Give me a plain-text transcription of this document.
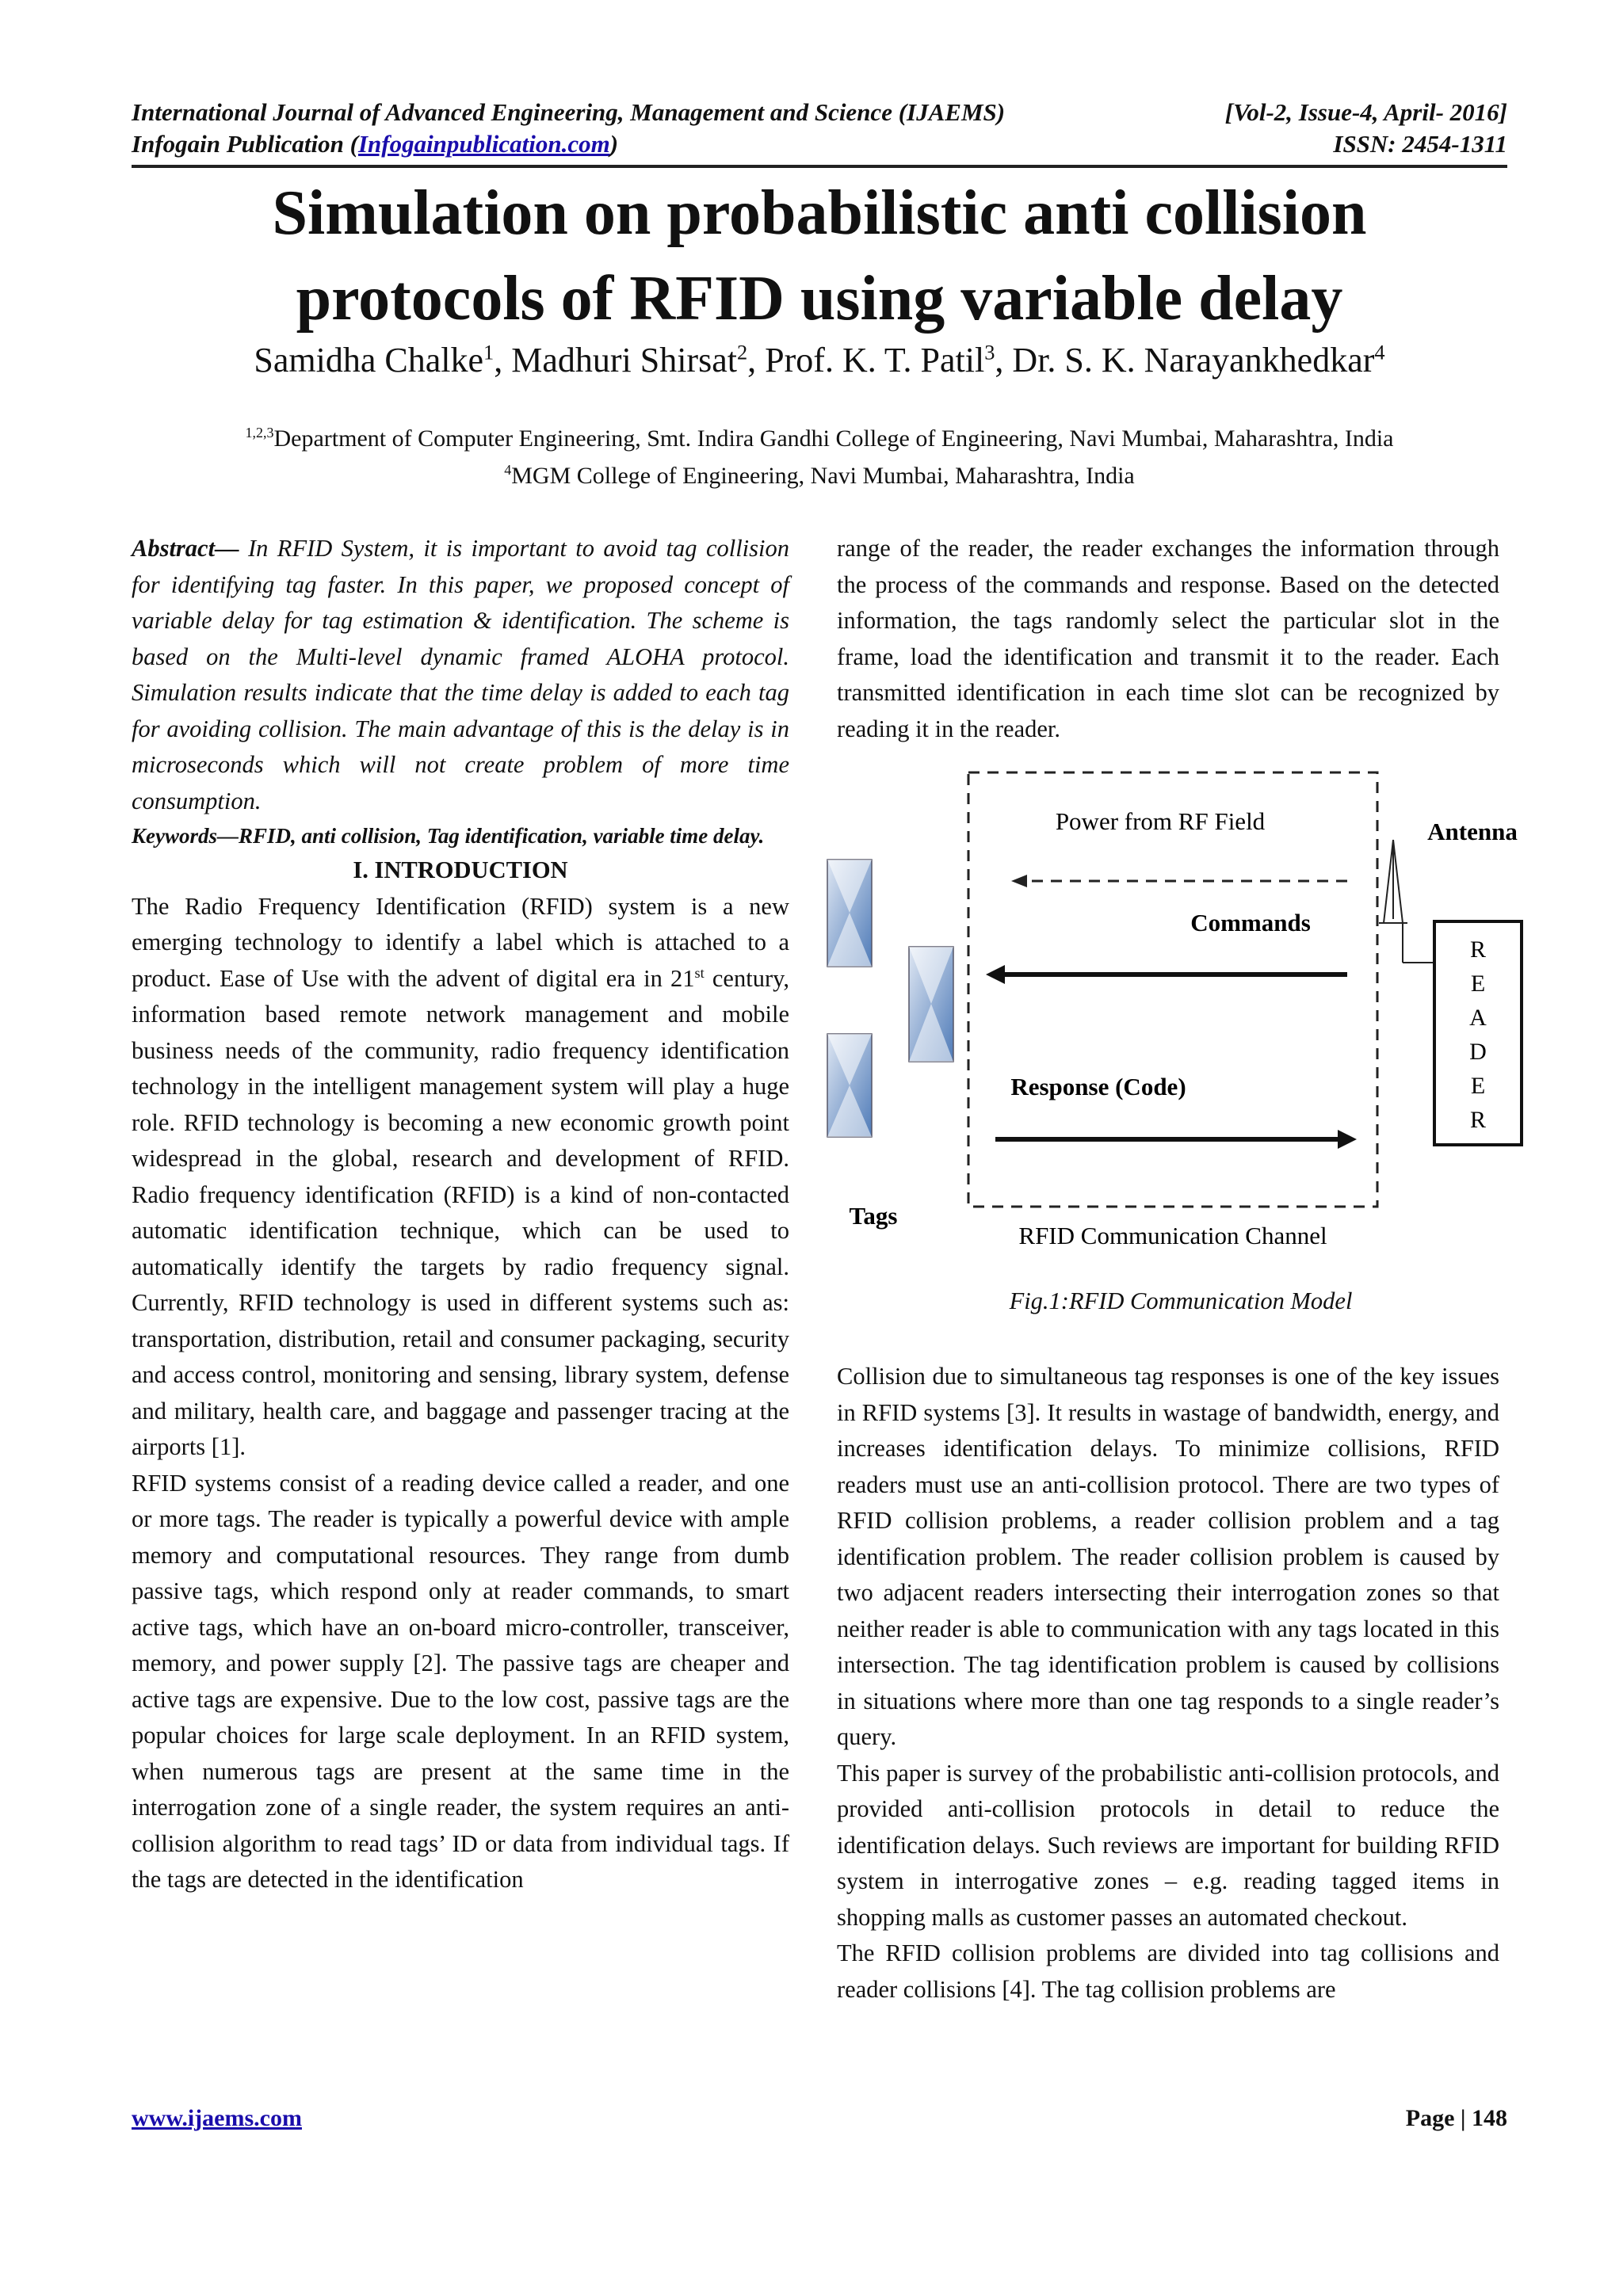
International Journal of Advanced Engineering, Management and Science (IJAEMS)	[Vol-2, Issue-4, April- 2016]
Infogain Publication (Infogainpublication.com)	ISSN: 2454-1311
Simulation on probabilistic anti collision
protocols of RFID using variable delay
Samidha Chalke$^1$, Madhuri Shirsat$^2$, Prof. K. T. Patil$^3$, Dr. S. K. Narayankhedkar$^4$
$^{1,2,3}$Department of Computer Engineering, Smt. Indira Gandhi College of Engineering, Navi Mumbai, Maharashtra, India
$^4$MGM College of Engineering, Navi Mumbai, Maharashtra, India

Abstract— In RFID System, it is important to avoid tag collision for identifying tag faster. In this paper, we proposed concept of variable delay for tag estimation & identification. The scheme is based on the Multi-level dynamic framed ALOHA protocol. Simulation results indicate that the time delay is added to each tag for avoiding collision. The main advantage of this is the delay is in microseconds which will not create problem of more time consumption.

Keywords—RFID, anti collision, Tag identification, variable time delay.

I. INTRODUCTION

The Radio Frequency Identification (RFID) system is a new emerging technology to identify a label which is attached to a product. Ease of Use with the advent of digital era in 21st century, information based remote network management and mobile business needs of the community, radio frequency identification technology in the intelligent management system will play a huge role. RFID technology is becoming a new economic growth point widespread in the global, research and development of RFID. Radio frequency identification (RFID) is a kind of non-contacted automatic identification technique, which can be used to automatically identify the targets by radio frequency signal. Currently, RFID technology is used in different systems such as: transportation, distribution, retail and consumer packaging, security and access control, monitoring and sensing, library system, defense and military, health care, and baggage and passenger tracing at the airports [1].

RFID systems consist of a reading device called a reader, and one or more tags. The reader is typically a powerful device with ample memory and computational resources. They range from dumb passive tags, which respond only at reader commands, to smart active tags, which have an on-board micro-controller, transceiver, memory, and power supply [2]. The passive tags are cheaper and active tags are expensive. Due to the low cost, passive tags are the popular choices for large scale deployment. In an RFID system, when numerous tags are present at the same time in the interrogation zone of a single reader, the system requires an anti-collision algorithm to read tags’ ID or data from individual tags. If the tags are detected in the identification

range of the reader, the reader exchanges the information through the process of the commands and response. Based on the detected information, the tags randomly select the particular slot in the frame, load the identification and transmit it to the reader. Each transmitted identification in each time slot can be recognized by reading it in the reader.

Power from RF Field
Commands
Response (Code)
Antenna
R
E
A
D
E
R
Tags
RFID Communication Channel
Fig.1:RFID Communication Model

Collision due to simultaneous tag responses is one of the key issues in RFID systems [3]. It results in wastage of bandwidth, energy, and increases identification delays. To minimize collisions, RFID readers must use an anti-collision protocol. There are two types of RFID collision problems, a reader collision problem and a tag identification problem. The reader collision problem is caused by two adjacent readers intersecting their interrogation zones so that neither reader is able to communication with any tags located in this intersection. The tag identification problem is caused by collisions in situations where more than one tag responds to a single reader’s query.

This paper is survey of the probabilistic anti-collision protocols, and provided anti-collision protocols in detail to reduce the identification delays. Such reviews are important for building RFID system in interrogative zones – e.g. reading tagged items in shopping malls as customer passes an automated checkout.

The RFID collision problems are divided into tag collisions and reader collisions [4]. The tag collision problems are

www.ijaems.com	Page | 148
